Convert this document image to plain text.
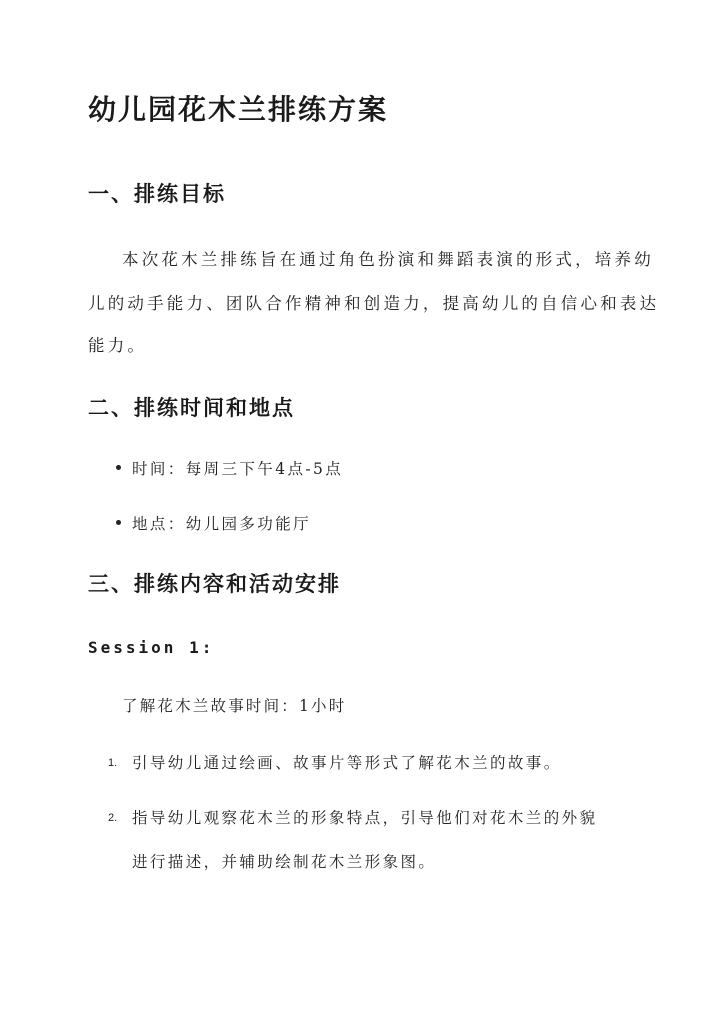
幼儿园花木兰排练方案
一、排练目标
本次花木兰排练旨在通过角色扮演和舞蹈表演的形式，培养幼
儿的动手能力、团队合作精神和创造力，提高幼儿的自信心和表达
能力。
二、排练时间和地点
时间：每周三下午4点-5点
地点：幼儿园多功能厅
三、排练内容和活动安排
Session 1:
了解花木兰故事时间：1小时
1. 引导幼儿通过绘画、故事片等形式了解花木兰的故事。
2. 指导幼儿观察花木兰的形象特点，引导他们对花木兰的外貌
进行描述，并辅助绘制花木兰形象图。
